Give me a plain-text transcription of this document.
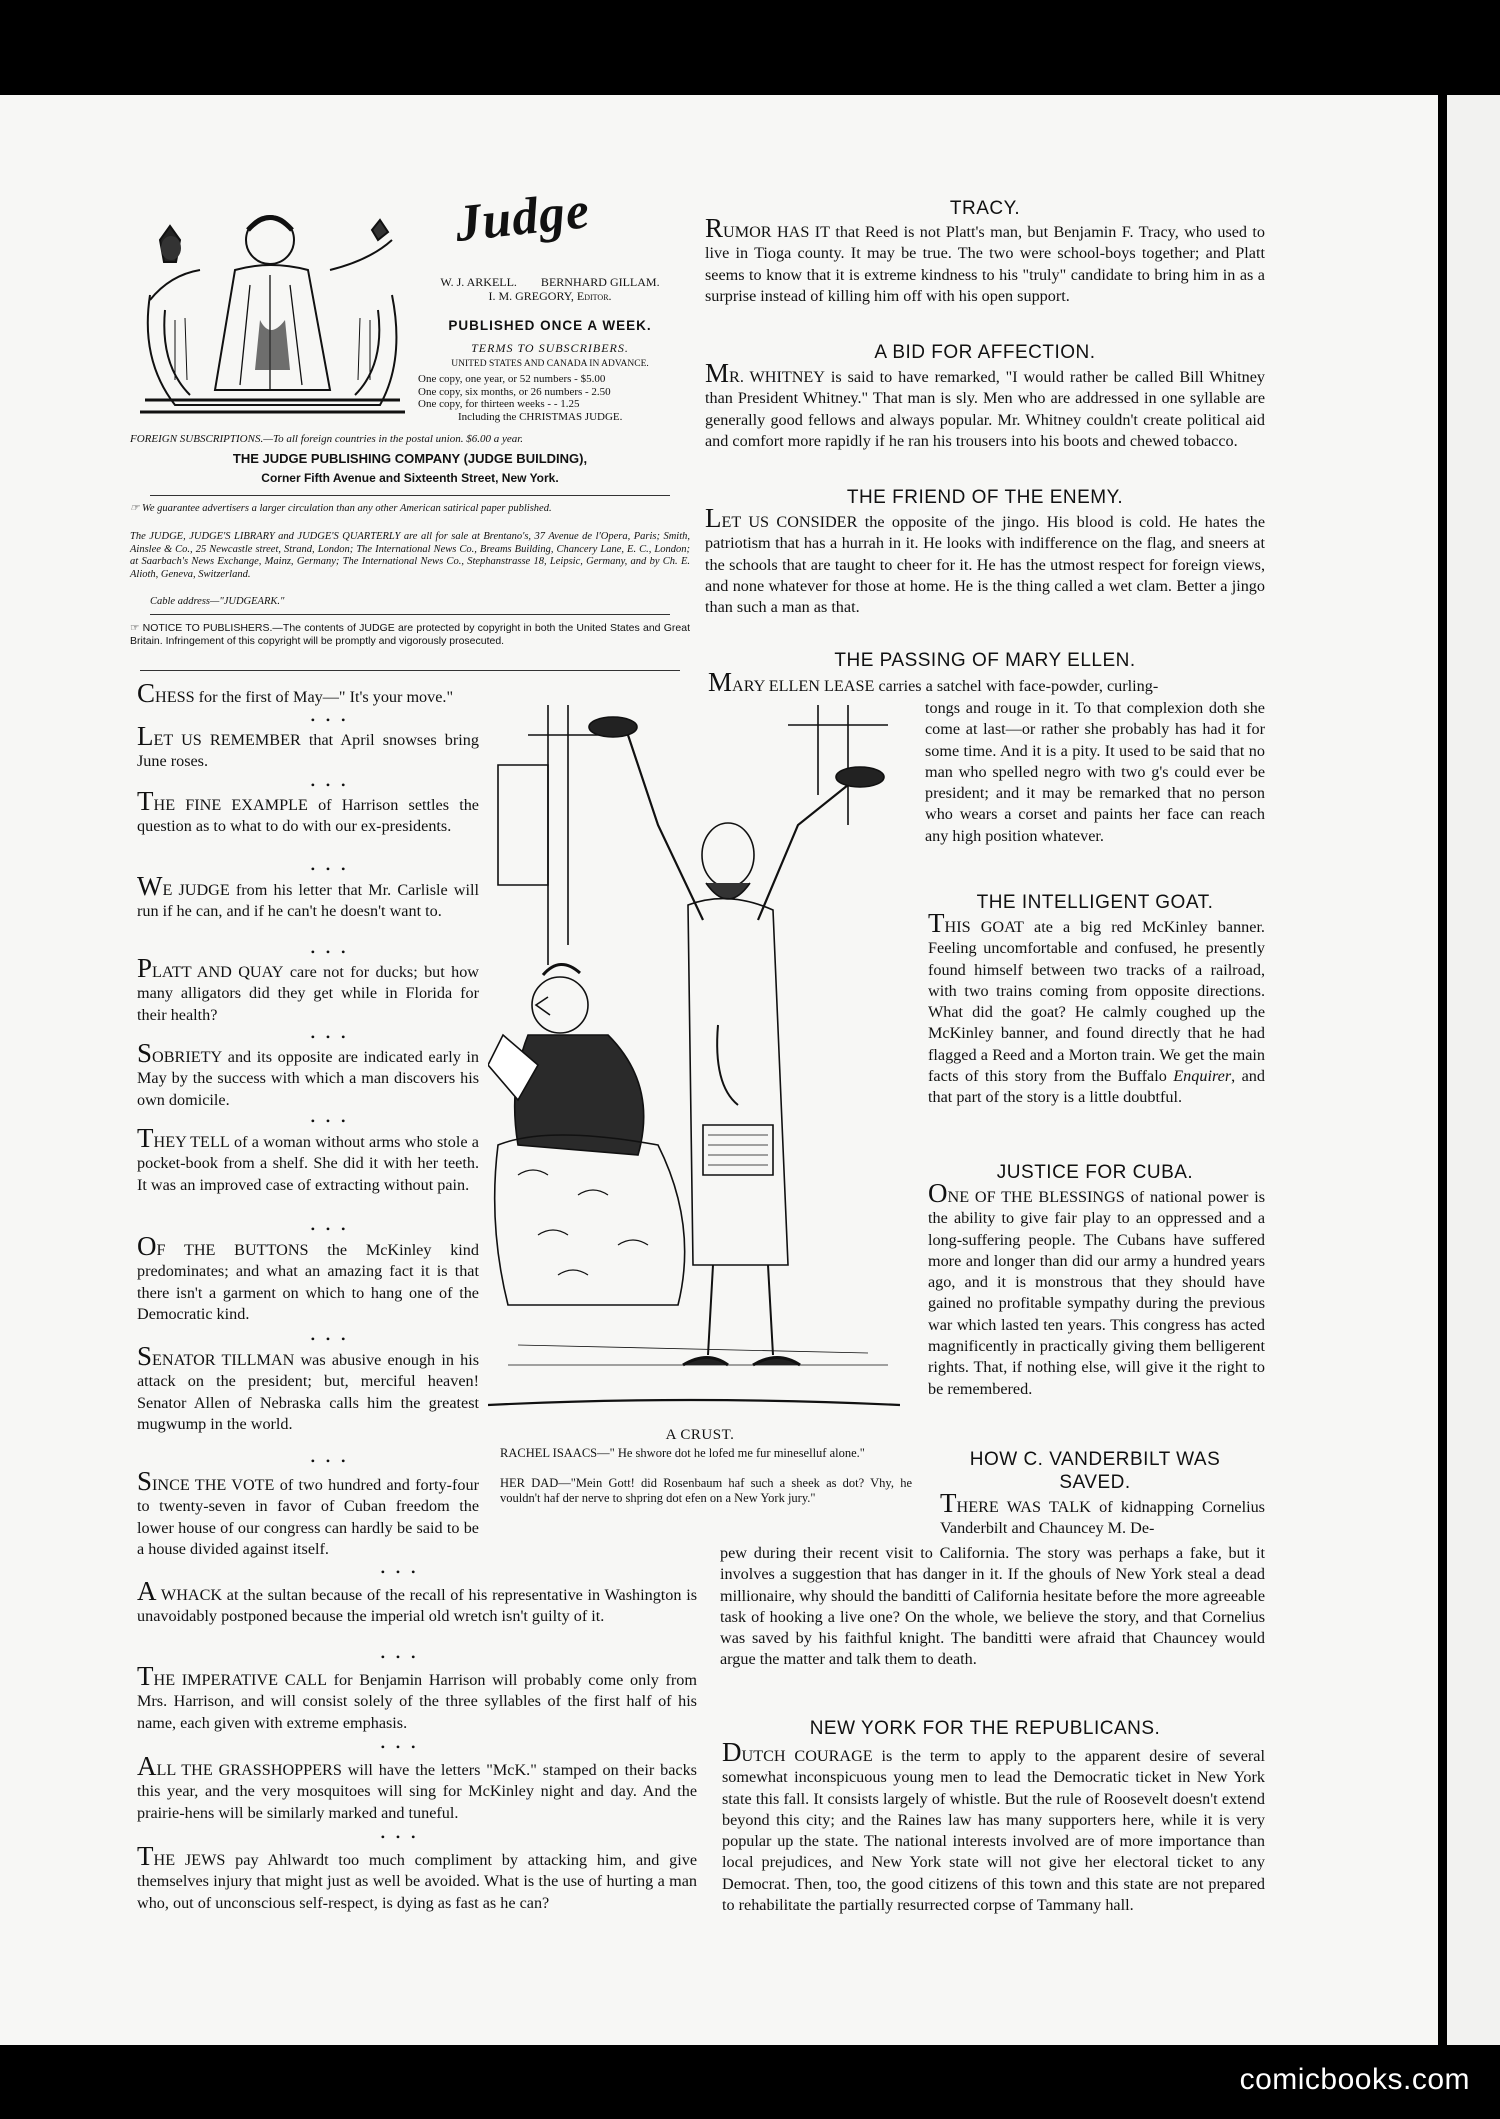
Judge
W. J. ARKELL.        BERNHARD GILLAM.
I. M. GREGORY, Editor.
PUBLISHED ONCE A WEEK.
TERMS TO SUBSCRIBERS.
UNITED STATES AND CANADA IN ADVANCE.
One copy, one year, or 52 numbers - $5.00
One copy, six months, or 26 numbers - 2.50
One copy, for thirteen weeks - - 1.25
Including the CHRISTMAS JUDGE.
FOREIGN SUBSCRIPTIONS.—To all foreign countries in the postal union. $6.00 a year.
THE JUDGE PUBLISHING COMPANY (JUDGE BUILDING),
Corner Fifth Avenue and Sixteenth Street, New York.
☞ We guarantee advertisers a larger circulation than any other American satirical paper published.
The JUDGE, JUDGE'S LIBRARY and JUDGE'S QUARTERLY are all for sale at Brentano's, 37 Avenue de l'Opera, Paris; Smith, Ainslee & Co., 25 Newcastle street, Strand, London; The International News Co., Breams Building, Chancery Lane, E. C., London; at Saarbach's News Exchange, Mainz, Germany; The International News Co., Stephanstrasse 18, Leipsic, Germany, and by Ch. E. Alioth, Geneva, Switzerland.
Cable address—"JUDGEARK."
☞ NOTICE TO PUBLISHERS.—The contents of JUDGE are protected by copyright in both the United States and Great Britain. Infringement of this copyright will be promptly and vigorously prosecuted.
CHESS for the first of May—" It's your move."
• • •
LET US REMEMBER that April snowses bring June roses.
• • •
THE FINE EXAMPLE of Harrison settles the question as to what to do with our ex-presidents.
• • •
WE JUDGE from his letter that Mr. Carlisle will run if he can, and if he can't he doesn't want to.
• • •
PLATT AND QUAY care not for ducks; but how many alligators did they get while in Florida for their health?
• • •
SOBRIETY and its opposite are indicated early in May by the success with which a man discovers his own domicile.
• • •
THEY TELL of a woman without arms who stole a pocket-book from a shelf. She did it with her teeth. It was an improved case of extracting without pain.
• • •
OF THE BUTTONS the McKinley kind predominates; and what an amazing fact it is that there isn't a garment on which to hang one of the Democratic kind.
• • •
SENATOR TILLMAN was abusive enough in his attack on the president; but, merciful heaven! Senator Allen of Nebraska calls him the greatest mugwump in the world.
• • •
SINCE THE VOTE of two hundred and forty-four to twenty-seven in favor of Cuban freedom the lower house of our congress can hardly be said to be a house divided against itself.
• • •
A WHACK at the sultan because of the recall of his representative in Washington is unavoidably postponed because the imperial old wretch isn't guilty of it.
• • •
THE IMPERATIVE CALL for Benjamin Harrison will probably come only from Mrs. Harrison, and will consist solely of the three syllables of the first half of his name, each given with extreme emphasis.
• • •
ALL THE GRASSHOPPERS will have the letters "McK." stamped on their backs this year, and the very mosquitoes will sing for McKinley night and day. And the prairie-hens will be similarly marked and tuneful.
• • •
THE JEWS pay Ahlwardt too much compliment by attacking him, and give themselves injury that might just as well be avoided. What is the use of hurting a man who, out of unconscious self-respect, is dying as fast as he can?
A CRUST.
RACHEL ISAACS—" He shwore dot he lofed me fur mineselluf alone."
HER DAD—"Mein Gott! did Rosenbaum haf such a sheek as dot? Vhy, he vouldn't haf der nerve to shpring dot efen on a New York jury."
TRACY.
RUMOR HAS IT that Reed is not Platt's man, but Benjamin F. Tracy, who used to live in Tioga county. It may be true. The two were school-boys together; and Platt seems to know that it is extreme kindness to his "truly" candidate to bring him in as a surprise instead of killing him off with his open support.
A BID FOR AFFECTION.
MR. WHITNEY is said to have remarked, "I would rather be called Bill Whitney than President Whitney." That man is sly. Men who are addressed in one syllable are generally good fellows and always popular. Mr. Whitney couldn't create political aid and comfort more rapidly if he ran his trousers into his boots and chewed tobacco.
THE FRIEND OF THE ENEMY.
LET US CONSIDER the opposite of the jingo. His blood is cold. He hates the patriotism that has a hurrah in it. He looks with indifference on the flag, and sneers at the schools that are taught to cheer for it. He has the utmost respect for foreign views, and none whatever for those at home. He is the thing called a wet clam. Better a jingo than such a man as that.
THE PASSING OF MARY ELLEN.
MARY ELLEN LEASE carries a satchel with face-powder, curling-
tongs and rouge in it. To that complexion doth she come at last—or rather she probably has had it for some time. And it is a pity. It used to be said that no man who spelled negro with two g's could ever be president; and it may be remarked that no person who wears a corset and paints her face can reach any high position whatever.
THE INTELLIGENT GOAT.
THIS GOAT ate a big red McKinley banner. Feeling uncomfortable and confused, he presently found himself between two tracks of a railroad, with two trains coming from opposite directions. What did the goat? He calmly coughed up the McKinley banner, and found directly that he had flagged a Reed and a Morton train. We get the main facts of this story from the Buffalo Enquirer, and that part of the story is a little doubtful.
JUSTICE FOR CUBA.
ONE OF THE BLESSINGS of national power is the ability to give fair play to an oppressed and a long-suffering people. The Cubans have suffered more and longer than did our army a hundred years ago, and it is monstrous that they should have gained no profitable sympathy during the previous war which lasted ten years. This congress has acted magnificently in practically giving them belligerent rights. That, if nothing else, will give it the right to be remembered.
HOW C. VANDERBILT WAS
SAVED.
THERE WAS TALK of kidnapping Cornelius Vanderbilt and Chauncey M. De-
pew during their recent visit to California. The story was perhaps a fake, but it involves a suggestion that has danger in it. If the ghouls of New York steal a dead millionaire, why should the banditti of California hesitate before the more agreeable task of hooking a live one? On the whole, we believe the story, and that Cornelius was saved by his faithful knight. The banditti were afraid that Chauncey would argue the matter and talk them to death.
NEW YORK FOR THE REPUBLICANS.
DUTCH COURAGE is the term to apply to the apparent desire of several somewhat inconspicuous young men to lead the Democratic ticket in New York state this fall. It consists largely of whistle. But the rule of Roosevelt doesn't extend beyond this city; and the Raines law has many supporters here, while it is very popular up the state. The national interests involved are of more importance than local prejudices, and New York state will not give her electoral ticket to any Democrat. Then, too, the good citizens of this town and this state are not prepared to rehabilitate the partially resurrected corpse of Tammany hall.
comicbooks.com
